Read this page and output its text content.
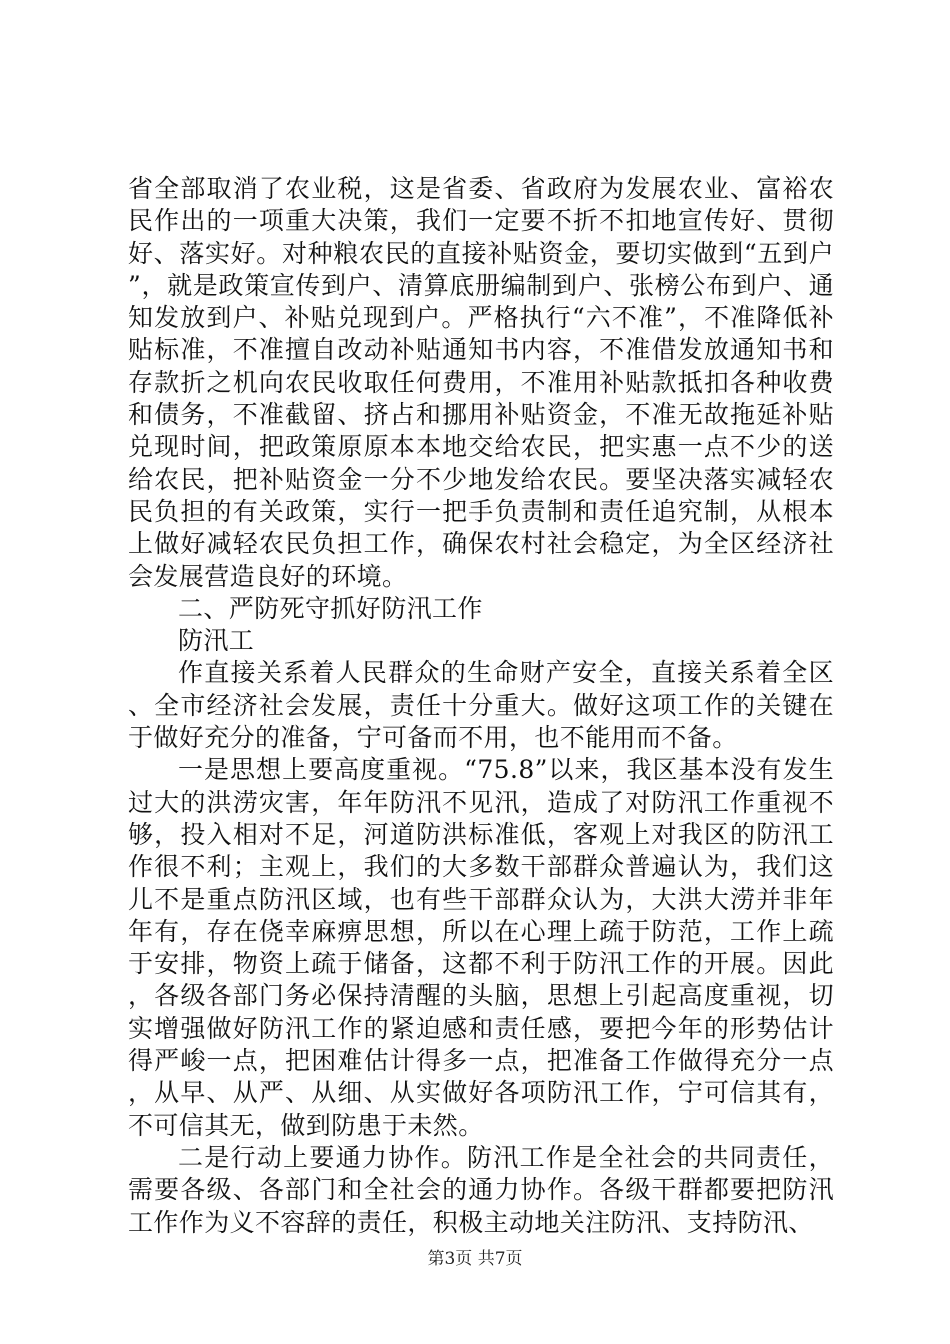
省全部取消了农业税，这是省委、省政府为发展农业、富裕农民作出的一项重大决策，我们一定要不折不扣地宣传好、贯彻好、落实好。对种粮农民的直接补贴资金，要切实做到“五到户”，就是政策宣传到户、清算底册编制到户、张榜公布到户、通知发放到户、补贴兑现到户。严格执行“六不准”，不准降低补贴标准，不准擅自改动补贴通知书内容，不准借发放通知书和存款折之机向农民收取任何费用，不准用补贴款抵扣各种收费和债务，不准截留、挤占和挪用补贴资金，不准无故拖延补贴兑现时间，把政策原原本本地交给农民，把实惠一点不少的送给农民，把补贴资金一分不少地发给农民。要坚决落实减轻农民负担的有关政策，实行一把手负责制和责任追究制，从根本上做好减轻农民负担工作，确保农村社会稳定，为全区经济社会发展营造良好的环境。

二、严防死守抓好防汛工作

防汛工

作直接关系着人民群众的生命财产安全，直接关系着全区、全市经济社会发展，责任十分重大。做好这项工作的关键在于做好充分的准备，宁可备而不用，也不能用而不备。

一是思想上要高度重视。“75.8”以来，我区基本没有发生过大的洪涝灾害，年年防汛不见汛，造成了对防汛工作重视不够，投入相对不足，河道防洪标准低，客观上对我区的防汛工作很不利；主观上，我们的大多数干部群众普遍认为，我们这儿不是重点防汛区域，也有些干部群众认为，大洪大涝并非年年有，存在侥幸麻痹思想，所以在心理上疏于防范，工作上疏于安排，物资上疏于储备，这都不利于防汛工作的开展。因此，各级各部门务必保持清醒的头脑，思想上引起高度重视，切实增强做好防汛工作的紧迫感和责任感，要把今年的形势估计得严峻一点，把困难估计得多一点，把准备工作做得充分一点，从早、从严、从细、从实做好各项防汛工作，宁可信其有，不可信其无，做到防患于未然。

二是行动上要通力协作。防汛工作是全社会的共同责任，需要各级、各部门和全社会的通力协作。各级干群都要把防汛工作作为义不容辞的责任，积极主动地关注防汛、支持防汛、

第3页 共7页
